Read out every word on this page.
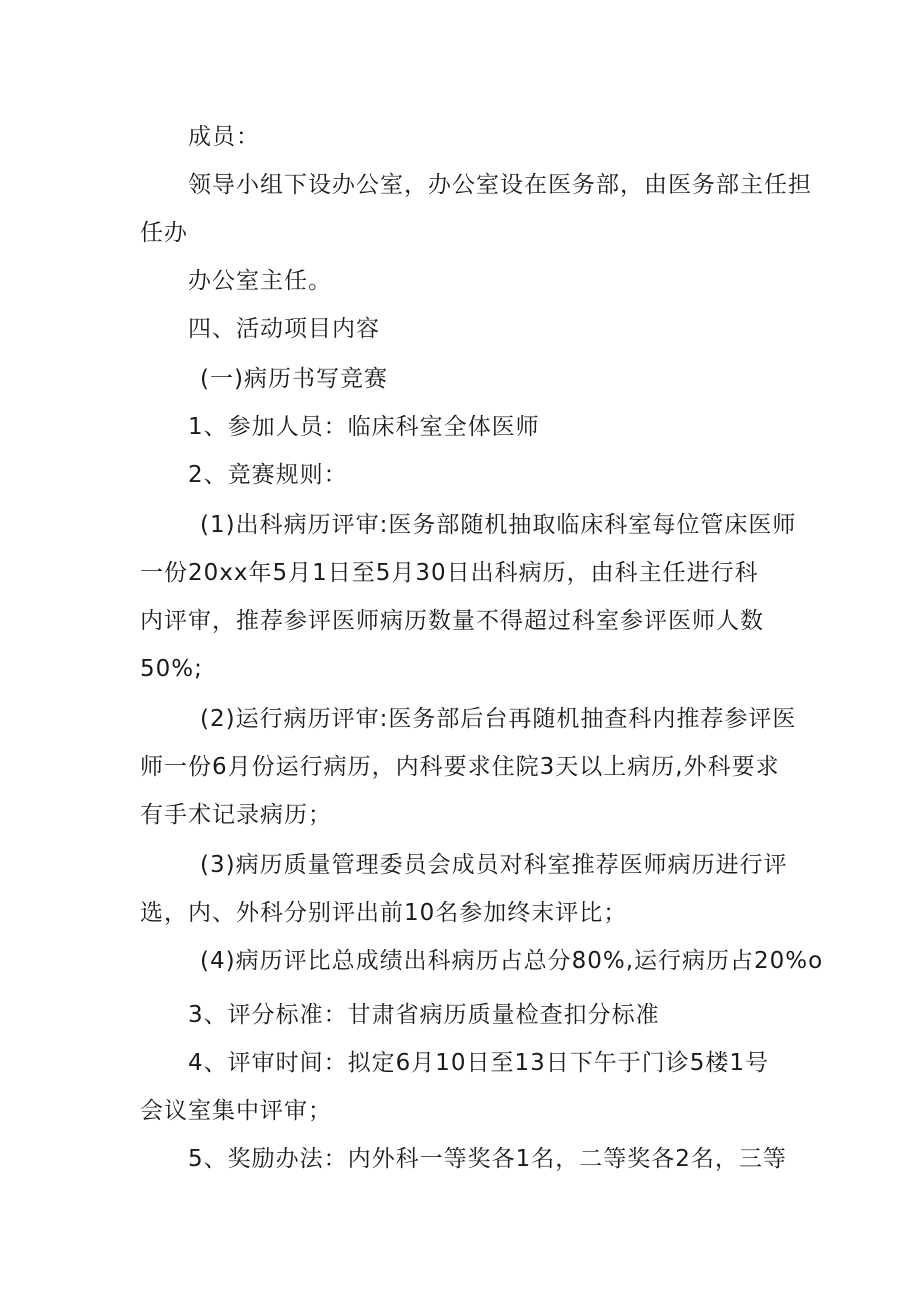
成员：

领导小组下设办公室，办公室设在医务部，由医务部主任担

任办

办公室主任。

四、活动项目内容

(一)病历书写竞赛

1、参加人员：临床科室全体医师

2、竞赛规则：

(1)出科病历评审:医务部随机抽取临床科室每位管床医师

一份20xx年5月1日至5月30日出科病历，由科主任进行科

内评审，推荐参评医师病历数量不得超过科室参评医师人数

50%;

(2)运行病历评审:医务部后台再随机抽查科内推荐参评医

师一份6月份运行病历，内科要求住院3天以上病历,外科要求

有手术记录病历；

(3)病历质量管理委员会成员对科室推荐医师病历进行评

选，内、外科分别评出前10名参加终末评比；

(4)病历评比总成绩出科病历占总分80%,运行病历占20%o

3、评分标准：甘肃省病历质量检查扣分标准

4、评审时间：拟定6月10日至13日下午于门诊5楼1号

会议室集中评审；

5、奖励办法：内外科一等奖各1名，二等奖各2名，三等
